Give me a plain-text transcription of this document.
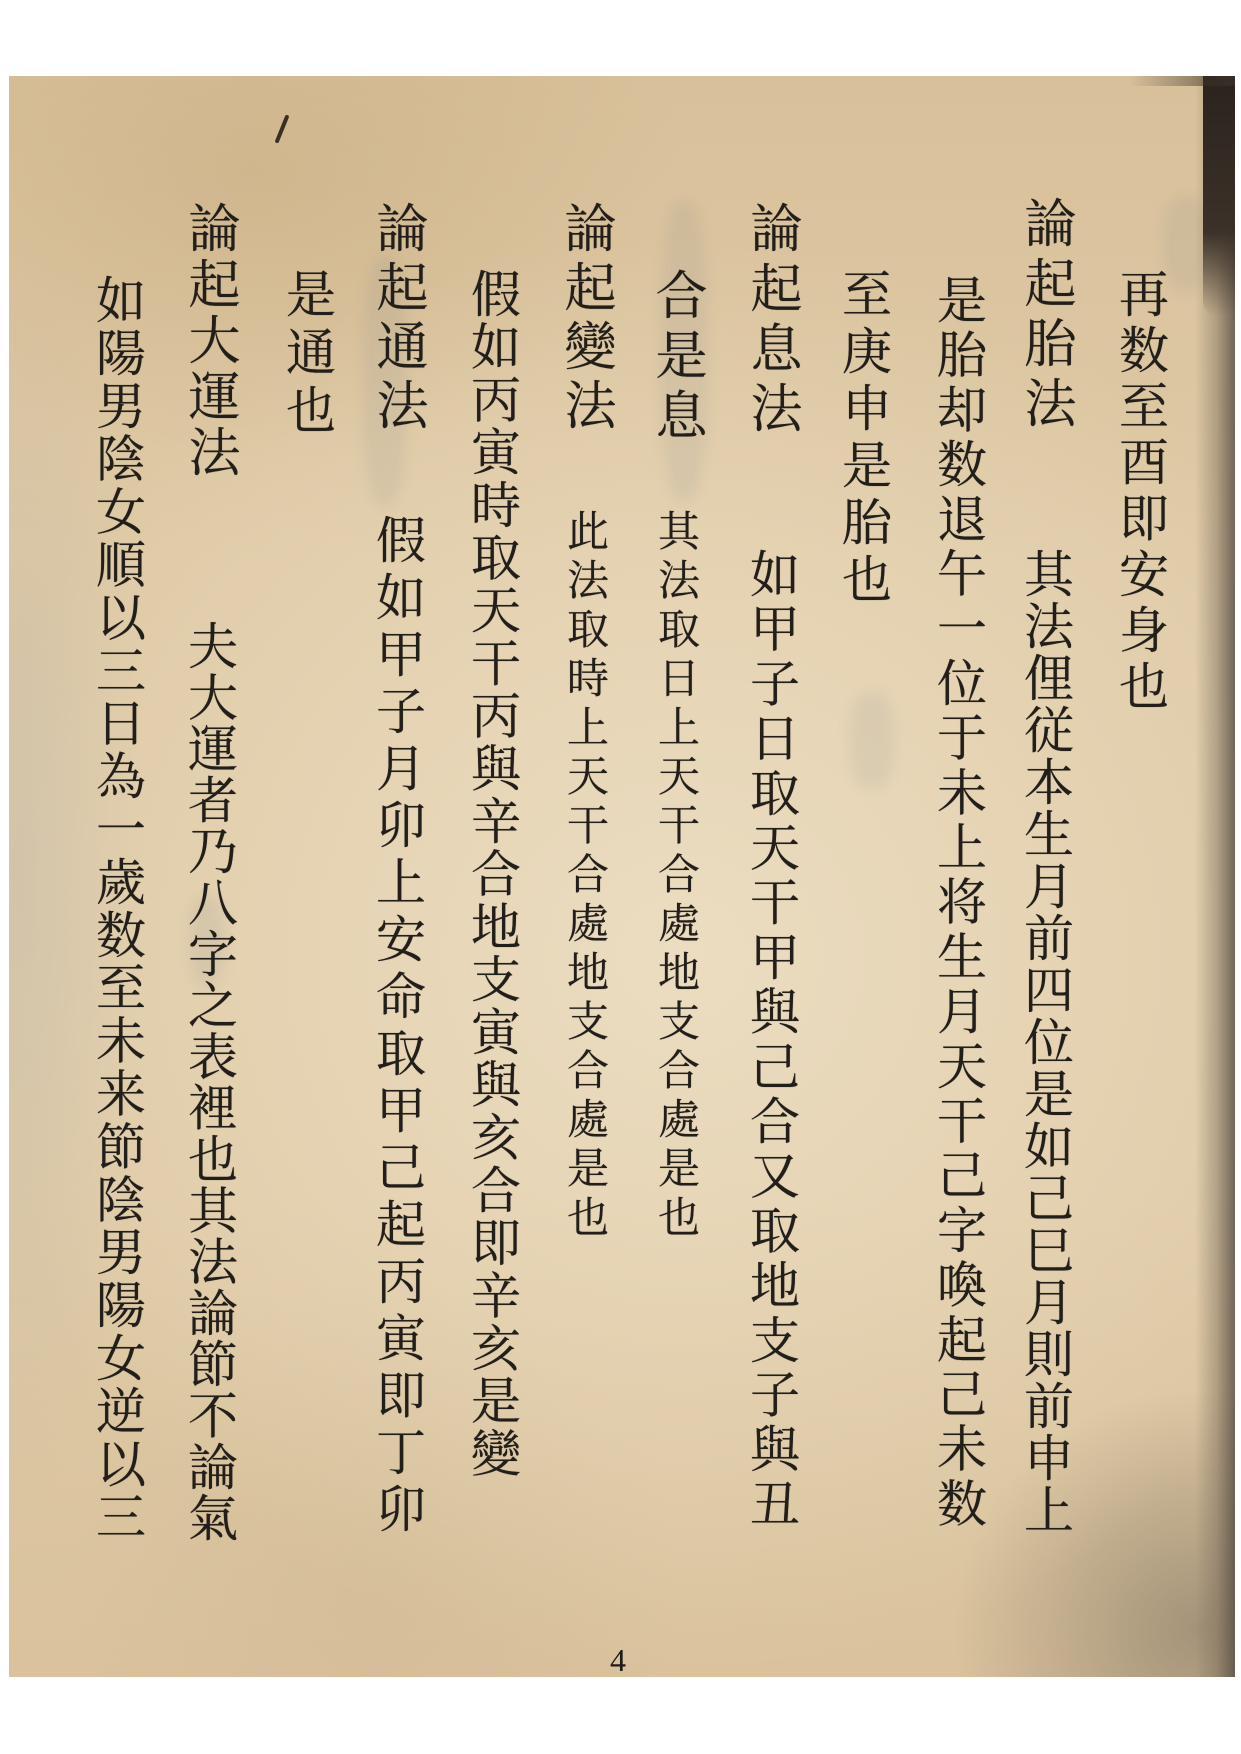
再数至酉即安身也
論起胎法
其法俚従本生月前四位是如己巳月則前申上
是胎却数退午一位于未上将生月天干己字喚起己未数
至庚申是胎也
論起息法
如甲子日取天干甲與己合又取地支子與丑
合是息
其法取日上天干合處地支合處是也
論起變法
此法取時上天干合處地支合處是也
假如丙寅時取天干丙與辛合地支寅與亥合即辛亥是變
論起通法
假如甲子月卯上安命取甲己起丙寅即丁卯
是通也
論起大運法
夫大運者乃八字之表裡也其法論節不論氣
如陽男陰女順以三日為一歲数至未来節陰男陽女逆以三
4
